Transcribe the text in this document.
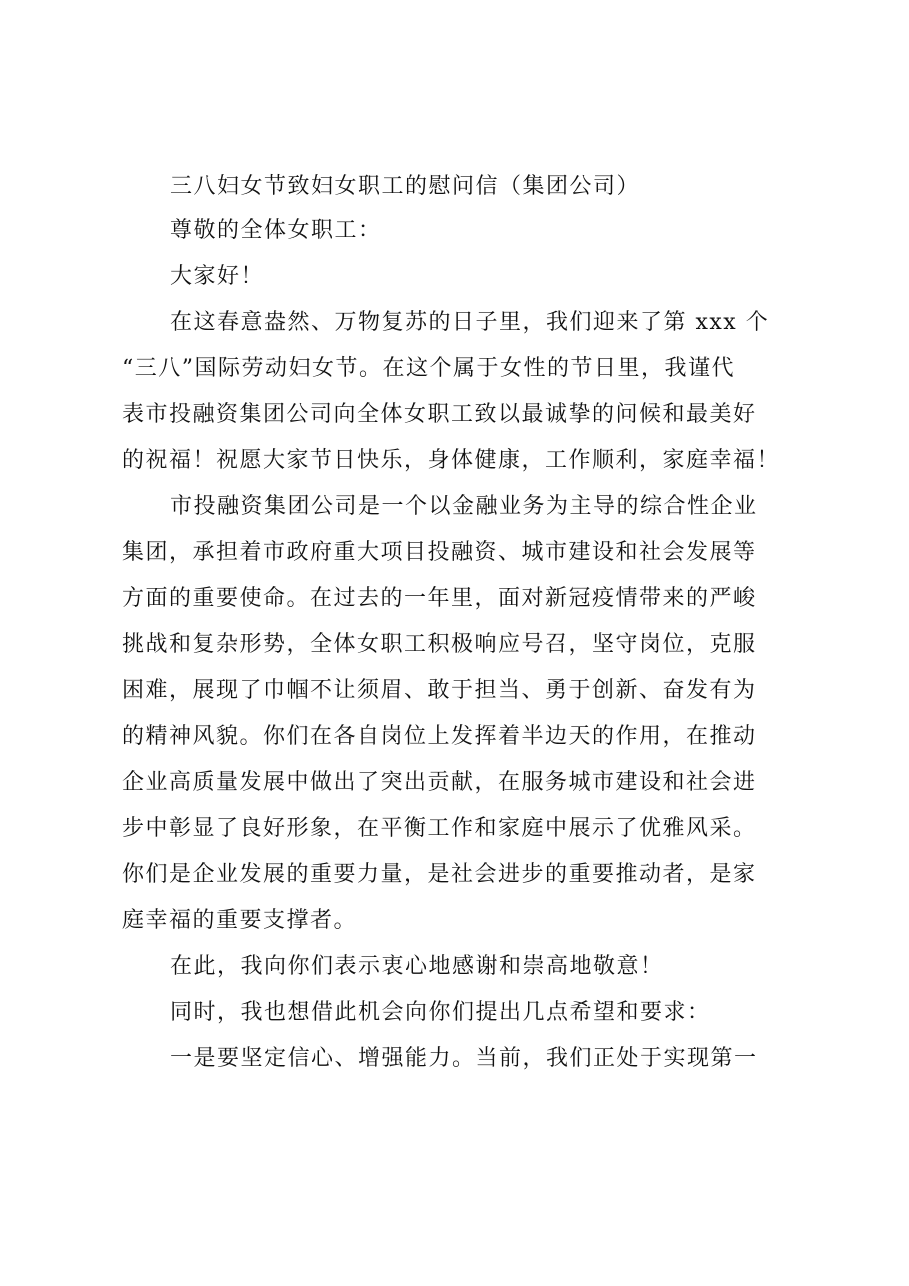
三八妇女节致妇女职工的慰问信（集团公司）
尊敬的全体女职工：
大家好！
在这春意盎然、万物复苏的日子里，我们迎来了第 xxx 个
“三八”国际劳动妇女节。在这个属于女性的节日里，我谨代
表市投融资集团公司向全体女职工致以最诚挚的问候和最美好
的祝福！祝愿大家节日快乐，身体健康，工作顺利，家庭幸福！
市投融资集团公司是一个以金融业务为主导的综合性企业
集团，承担着市政府重大项目投融资、城市建设和社会发展等
方面的重要使命。在过去的一年里，面对新冠疫情带来的严峻
挑战和复杂形势，全体女职工积极响应号召，坚守岗位，克服
困难，展现了巾帼不让须眉、敢于担当、勇于创新、奋发有为
的精神风貌。你们在各自岗位上发挥着半边天的作用，在推动
企业高质量发展中做出了突出贡献，在服务城市建设和社会进
步中彰显了良好形象，在平衡工作和家庭中展示了优雅风采。
你们是企业发展的重要力量，是社会进步的重要推动者，是家
庭幸福的重要支撑者。
在此，我向你们表示衷心地感谢和崇高地敬意！
同时，我也想借此机会向你们提出几点希望和要求：
一是要坚定信心、增强能力。当前，我们正处于实现第一
